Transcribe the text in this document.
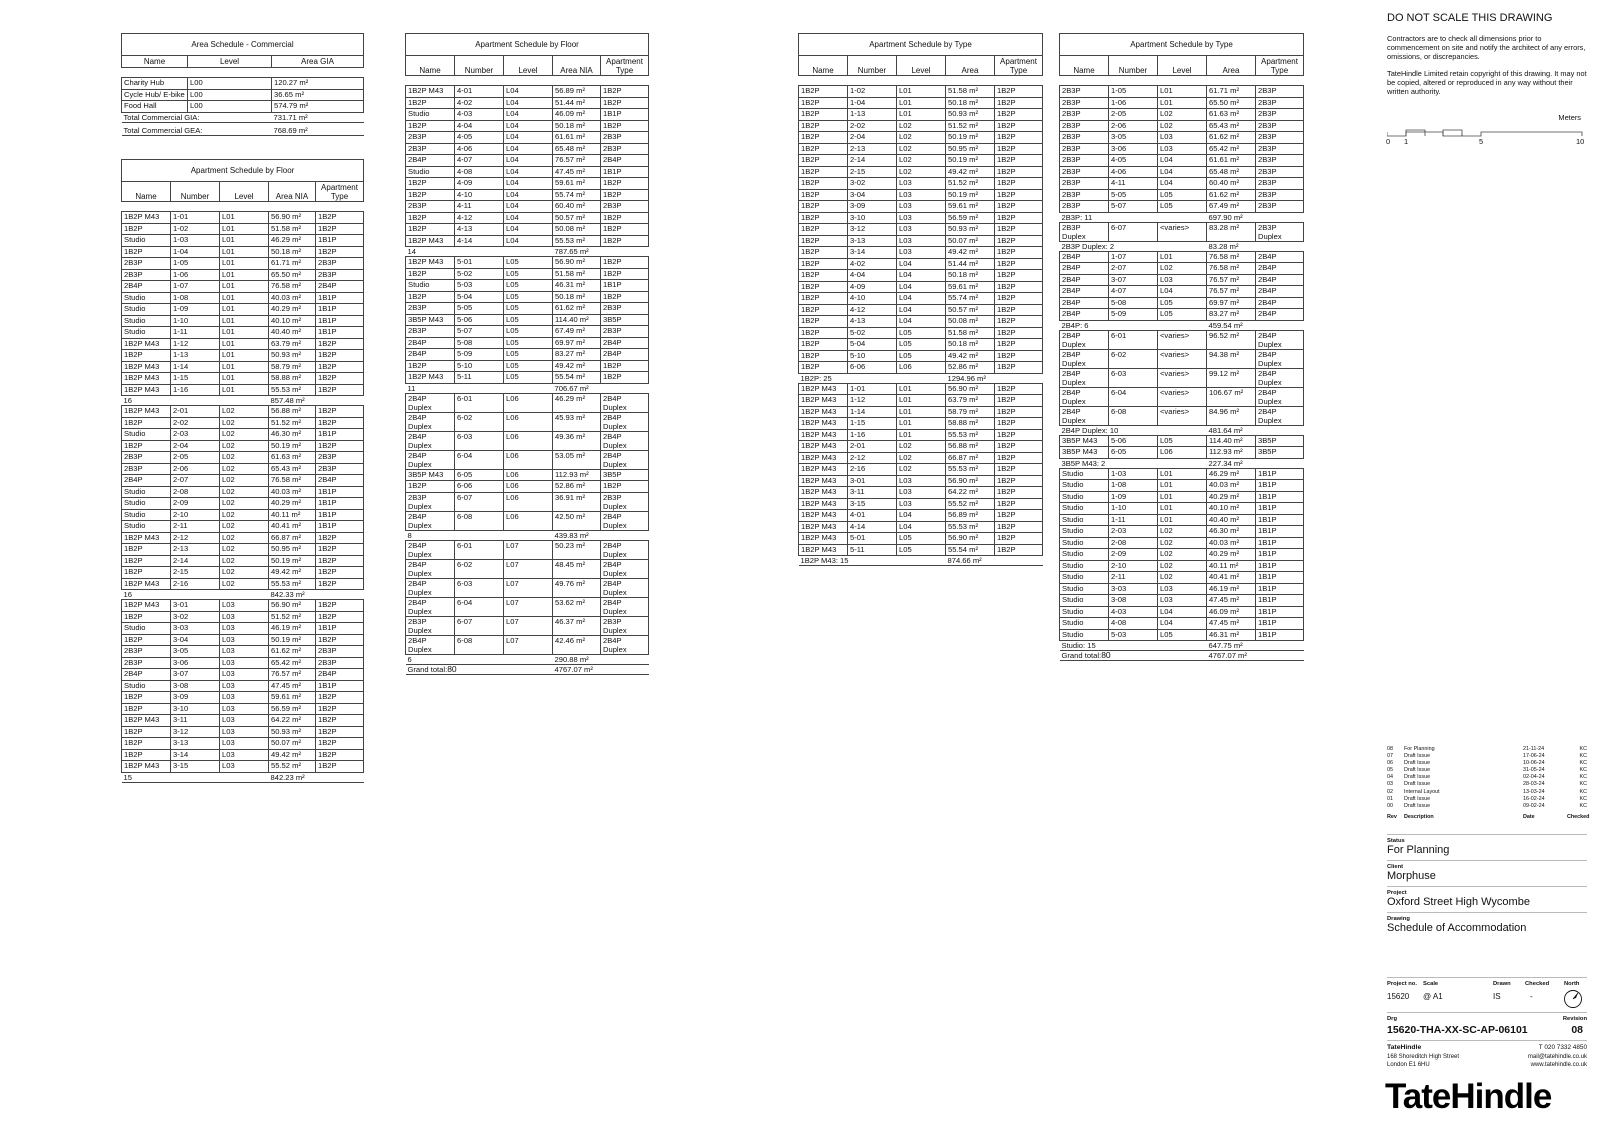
Area Schedule - Commercial		
Name	Level	Area GIA

Charity Hub	L00	120.27 m²
Cycle Hub/ E-bike	L00	36.65 m²
Food Hall	L00	574.79 m²
Total Commercial GIA:		731.71 m²
Total Commercial GEA:		768.69 m²
Apartment Schedule by Floor				
Name	Number	Level	Area NIA	Apartment Type

1B2P M43	1-01	L01	56.90 m²	1B2P
1B2P	1-02	L01	51.58 m²	1B2P
Studio	1-03	L01	46.29 m²	1B1P
1B2P	1-04	L01	50.18 m²	1B2P
2B3P	1-05	L01	61.71 m²	2B3P
2B3P	1-06	L01	65.50 m²	2B3P
2B4P	1-07	L01	76.58 m²	2B4P
Studio	1-08	L01	40.03 m²	1B1P
Studio	1-09	L01	40.29 m²	1B1P
Studio	1-10	L01	40.10 m²	1B1P
Studio	1-11	L01	40.40 m²	1B1P
1B2P M43	1-12	L01	63.79 m²	1B2P
1B2P	1-13	L01	50.93 m²	1B2P
1B2P M43	1-14	L01	58.79 m²	1B2P
1B2P M43	1-15	L01	58.88 m²	1B2P
1B2P M43	1-16	L01	55.53 m²	1B2P
16			857.48 m²	
1B2P M43	2-01	L02	56.88 m²	1B2P
1B2P	2-02	L02	51.52 m²	1B2P
Studio	2-03	L02	46.30 m²	1B1P
1B2P	2-04	L02	50.19 m²	1B2P
2B3P	2-05	L02	61.63 m²	2B3P
2B3P	2-06	L02	65.43 m²	2B3P
2B4P	2-07	L02	76.58 m²	2B4P
Studio	2-08	L02	40.03 m²	1B1P
Studio	2-09	L02	40.29 m²	1B1P
Studio	2-10	L02	40.11 m²	1B1P
Studio	2-11	L02	40.41 m²	1B1P
1B2P M43	2-12	L02	66.87 m²	1B2P
1B2P	2-13	L02	50.95 m²	1B2P
1B2P	2-14	L02	50.19 m²	1B2P
1B2P	2-15	L02	49.42 m²	1B2P
1B2P M43	2-16	L02	55.53 m²	1B2P
16			842.33 m²	
1B2P M43	3-01	L03	56.90 m²	1B2P
1B2P	3-02	L03	51.52 m²	1B2P
Studio	3-03	L03	46.19 m²	1B1P
1B2P	3-04	L03	50.19 m²	1B2P
2B3P	3-05	L03	61.62 m²	2B3P
2B3P	3-06	L03	65.42 m²	2B3P
2B4P	3-07	L03	76.57 m²	2B4P
Studio	3-08	L03	47.45 m²	1B1P
1B2P	3-09	L03	59.61 m²	1B2P
1B2P	3-10	L03	56.59 m²	1B2P
1B2P M43	3-11	L03	64.22 m²	1B2P
1B2P	3-12	L03	50.93 m²	1B2P
1B2P	3-13	L03	50.07 m²	1B2P
1B2P	3-14	L03	49.42 m²	1B2P
1B2P M43	3-15	L03	55.52 m²	1B2P
15			842.23 m²	
Apartment Schedule by Floor				
Name	Number	Level	Area NIA	Apartment Type

1B2P M43	4-01	L04	56.89 m²	1B2P
1B2P	4-02	L04	51.44 m²	1B2P
Studio	4-03	L04	46.09 m²	1B1P
1B2P	4-04	L04	50.18 m²	1B2P
2B3P	4-05	L04	61.61 m²	2B3P
2B3P	4-06	L04	65.48 m²	2B3P
2B4P	4-07	L04	76.57 m²	2B4P
Studio	4-08	L04	47.45 m²	1B1P
1B2P	4-09	L04	59.61 m²	1B2P
1B2P	4-10	L04	55.74 m²	1B2P
2B3P	4-11	L04	60.40 m²	2B3P
1B2P	4-12	L04	50.57 m²	1B2P
1B2P	4-13	L04	50.08 m²	1B2P
1B2P M43	4-14	L04	55.53 m²	1B2P
14			787.65 m²	
1B2P M43	5-01	L05	56.90 m²	1B2P
1B2P	5-02	L05	51.58 m²	1B2P
Studio	5-03	L05	46.31 m²	1B1P
1B2P	5-04	L05	50.18 m²	1B2P
2B3P	5-05	L05	61.62 m²	2B3P
3B5P M43	5-06	L05	114.40 m²	3B5P
2B3P	5-07	L05	67.49 m²	2B3P
2B4P	5-08	L05	69.97 m²	2B4P
2B4P	5-09	L05	83.27 m²	2B4P
1B2P	5-10	L05	49.42 m²	1B2P
1B2P M43	5-11	L05	55.54 m²	1B2P
11			706.67 m²	
2B4P Duplex	6-01	L06	46.29 m²	2B4P Duplex
2B4P Duplex	6-02	L06	45.93 m²	2B4P Duplex
2B4P Duplex	6-03	L06	49.36 m²	2B4P Duplex
2B4P Duplex	6-04	L06	53.05 m²	2B4P Duplex
3B5P M43	6-05	L06	112.93 m²	3B5P
1B2P	6-06	L06	52.86 m²	1B2P
2B3P Duplex	6-07	L06	36.91 m²	2B3P Duplex
2B4P Duplex	6-08	L06	42.50 m²	2B4P Duplex
8			439.83 m²	
2B4P Duplex	6-01	L07	50.23 m²	2B4P Duplex
2B4P Duplex	6-02	L07	48.45 m²	2B4P Duplex
2B4P Duplex	6-03	L07	49.76 m²	2B4P Duplex
2B4P Duplex	6-04	L07	53.62 m²	2B4P Duplex
2B3P Duplex	6-07	L07	46.37 m²	2B3P Duplex
2B4P Duplex	6-08	L07	42.46 m²	2B4P Duplex
6			290.88 m²	
Grand total:80			4767.07 m²	
Apartment Schedule by Type				
Name	Number	Level	Area	Apartment Type

1B2P	1-02	L01	51.58 m²	1B2P
1B2P	1-04	L01	50.18 m²	1B2P
1B2P	1-13	L01	50.93 m²	1B2P
1B2P	2-02	L02	51.52 m²	1B2P
1B2P	2-04	L02	50.19 m²	1B2P
1B2P	2-13	L02	50.95 m²	1B2P
1B2P	2-14	L02	50.19 m²	1B2P
1B2P	2-15	L02	49.42 m²	1B2P
1B2P	3-02	L03	51.52 m²	1B2P
1B2P	3-04	L03	50.19 m²	1B2P
1B2P	3-09	L03	59.61 m²	1B2P
1B2P	3-10	L03	56.59 m²	1B2P
1B2P	3-12	L03	50.93 m²	1B2P
1B2P	3-13	L03	50.07 m²	1B2P
1B2P	3-14	L03	49.42 m²	1B2P
1B2P	4-02	L04	51.44 m²	1B2P
1B2P	4-04	L04	50.18 m²	1B2P
1B2P	4-09	L04	59.61 m²	1B2P
1B2P	4-10	L04	55.74 m²	1B2P
1B2P	4-12	L04	50.57 m²	1B2P
1B2P	4-13	L04	50.08 m²	1B2P
1B2P	5-02	L05	51.58 m²	1B2P
1B2P	5-04	L05	50.18 m²	1B2P
1B2P	5-10	L05	49.42 m²	1B2P
1B2P	6-06	L06	52.86 m²	1B2P
1B2P: 25			1294.96 m²	
1B2P M43	1-01	L01	56.90 m²	1B2P
1B2P M43	1-12	L01	63.79 m²	1B2P
1B2P M43	1-14	L01	58.79 m²	1B2P
1B2P M43	1-15	L01	58.88 m²	1B2P
1B2P M43	1-16	L01	55.53 m²	1B2P
1B2P M43	2-01	L02	56.88 m²	1B2P
1B2P M43	2-12	L02	66.87 m²	1B2P
1B2P M43	2-16	L02	55.53 m²	1B2P
1B2P M43	3-01	L03	56.90 m²	1B2P
1B2P M43	3-11	L03	64.22 m²	1B2P
1B2P M43	3-15	L03	55.52 m²	1B2P
1B2P M43	4-01	L04	56.89 m²	1B2P
1B2P M43	4-14	L04	55.53 m²	1B2P
1B2P M43	5-01	L05	56.90 m²	1B2P
1B2P M43	5-11	L05	55.54 m²	1B2P
1B2P M43: 15			874.66 m²	
Apartment Schedule by Type				
Name	Number	Level	Area	Apartment Type

2B3P	1-05	L01	61.71 m²	2B3P
2B3P	1-06	L01	65.50 m²	2B3P
2B3P	2-05	L02	61.63 m²	2B3P
2B3P	2-06	L02	65.43 m²	2B3P
2B3P	3-05	L03	61.62 m²	2B3P
2B3P	3-06	L03	65.42 m²	2B3P
2B3P	4-05	L04	61.61 m²	2B3P
2B3P	4-06	L04	65.48 m²	2B3P
2B3P	4-11	L04	60.40 m²	2B3P
2B3P	5-05	L05	61.62 m²	2B3P
2B3P	5-07	L05	67.49 m²	2B3P
2B3P: 11			697.90 m²	
2B3P Duplex	6-07	<varies>	83.28 m²	2B3P Duplex
2B3P Duplex: 2			83.28 m²	
2B4P	1-07	L01	76.58 m²	2B4P
2B4P	2-07	L02	76.58 m²	2B4P
2B4P	3-07	L03	76.57 m²	2B4P
2B4P	4-07	L04	76.57 m²	2B4P
2B4P	5-08	L05	69.97 m²	2B4P
2B4P	5-09	L05	83.27 m²	2B4P
2B4P: 6			459.54 m²	
2B4P Duplex	6-01	<varies>	96.52 m²	2B4P Duplex
2B4P Duplex	6-02	<varies>	94.38 m²	2B4P Duplex
2B4P Duplex	6-03	<varies>	99.12 m²	2B4P Duplex
2B4P Duplex	6-04	<varies>	106.67 m²	2B4P Duplex
2B4P Duplex	6-08	<varies>	84.96 m²	2B4P Duplex
2B4P Duplex: 10			481.64 m²	
3B5P M43	5-06	L05	114.40 m²	3B5P
3B5P M43	6-05	L06	112.93 m²	3B5P
3B5P M43: 2			227.34 m²	
Studio	1-03	L01	46.29 m²	1B1P
Studio	1-08	L01	40.03 m²	1B1P
Studio	1-09	L01	40.29 m²	1B1P
Studio	1-10	L01	40.10 m²	1B1P
Studio	1-11	L01	40.40 m²	1B1P
Studio	2-03	L02	46.30 m²	1B1P
Studio	2-08	L02	40.03 m²	1B1P
Studio	2-09	L02	40.29 m²	1B1P
Studio	2-10	L02	40.11 m²	1B1P
Studio	2-11	L02	40.41 m²	1B1P
Studio	3-03	L03	46.19 m²	1B1P
Studio	3-08	L03	47.45 m²	1B1P
Studio	4-03	L04	46.09 m²	1B1P
Studio	4-08	L04	47.45 m²	1B1P
Studio	5-03	L05	46.31 m²	1B1P
Studio: 15			647.75 m²	
Grand total:80			4767.07 m²	

DO NOT SCALE THIS DRAWING

Contractors are to check all dimensions prior to commencement on site and notify the architect of any errors, omissions, or discrepancies.

TateHindle Limited retain copyright of this drawing. It may not be copied, altered or reproduced in any way without their written authority.

Meters
0 1	5	10
08	For Planning	21-11-24	KC
07	Draft Issue	17-06-24	KC
06	Draft Issue	10-06-24	KC
05	Draft Issue	31-05-24	KC
04	Draft Issue	02-04-24	KC
03	Draft Issue	28-03-24	KC
02	Internal Layout	13-03-24	KC
01	Draft Issue	16-02-24	KC
00	Draft Issue	09-02-24	KC
Rev	Description	Date	Checked
Status
For Planning
Client
Morphuse
Project
Oxford Street High Wycombe
Drawing
Schedule of Accommodation
Project no.
15620
Scale
@ A1
Drawn
IS
Checked
-
North
Drg
15620-THA-XX-SC-AP-06101
Revision
08
TateHindle
168 Shoreditch High Street
London E1 6HU
T 020 7332 4850
mail@tatehindle.co.uk
www.tatehindle.co.uk
TateHindle
